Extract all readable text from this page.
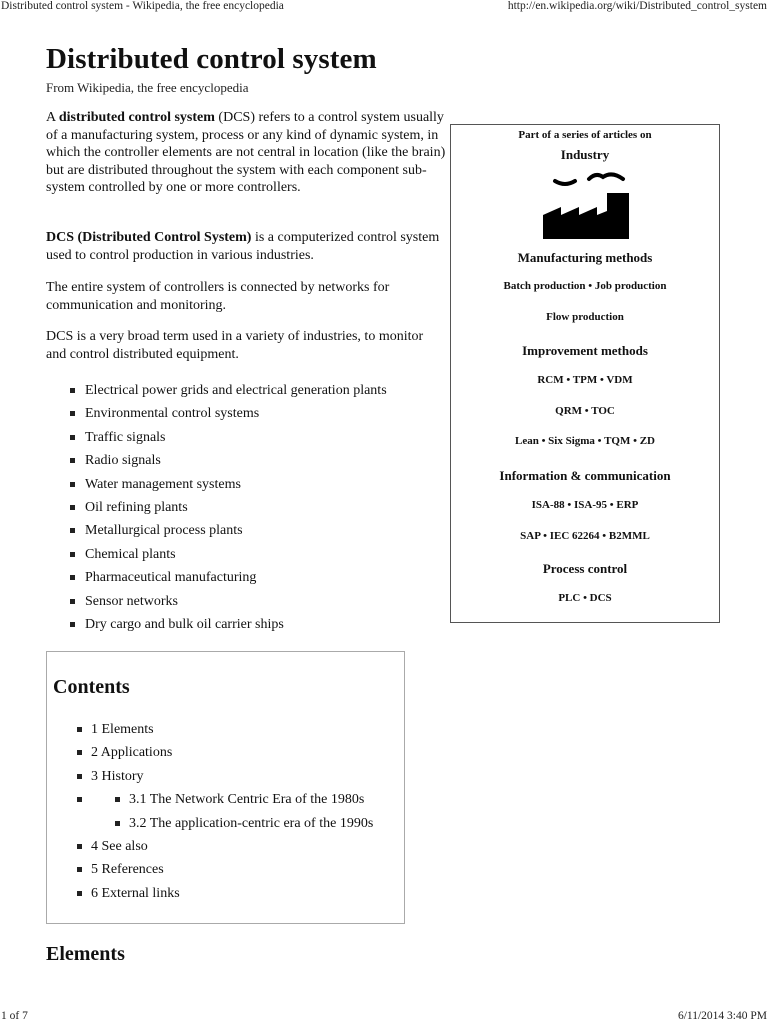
Distributed control system - Wikipedia, the free encyclopedia	http://en.wikipedia.org/wiki/Distributed_control_system
Distributed control system
From Wikipedia, the free encyclopedia

A distributed control system (DCS) refers to a control system usually of a manufacturing system, process or any kind of dynamic system, in which the controller elements are not central in location (like the brain) but are distributed throughout the system with each component sub-system controlled by one or more controllers.

DCS (Distributed Control System) is a computerized control system used to control production in various industries.

The entire system of controllers is connected by networks for communication and monitoring.

DCS is a very broad term used in a variety of industries, to monitor and control distributed equipment.

Electrical power grids and electrical generation plants
Environmental control systems
Traffic signals
Radio signals
Water management systems
Oil refining plants
Metallurgical process plants
Chemical plants
Pharmaceutical manufacturing
Sensor networks
Dry cargo and bulk oil carrier ships
Part of a series of articles on
Industry
Manufacturing methods
Batch production • Job production
Flow production
Improvement methods
RCM • TPM • VDM
QRM • TOC
Lean • Six Sigma • TQM • ZD
Information & communication
ISA-88 • ISA-95 • ERP
SAP • IEC 62264 • B2MML
Process control
PLC • DCS
Contents
1 Elements
2 Applications
3 History
3.1 The Network Centric Era of the 1980s
3.2 The application-centric era of the 1990s
4 See also
5 References
6 External links
Elements
1 of 7	6/11/2014 3:40 PM
